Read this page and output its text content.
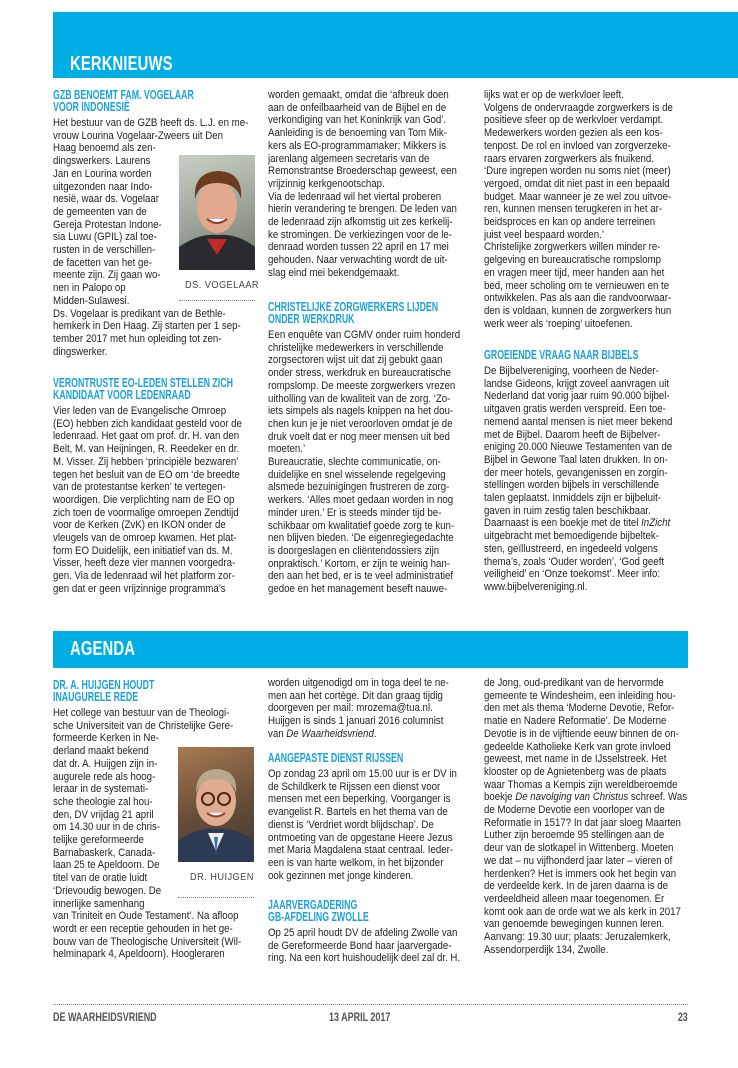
KERKNIEUWS
GZB BENOEMT FAM. VOGELAAR
VOOR INDONESIË
Het bestuur van de GZB heeft ds. L.J. en me-
vrouw Lourina Vogelaar-Zweers uit Den
Haag benoemd als zen-
dingswerkers. Laurens
Jan en Lourina worden
uitgezonden naar Indo-
nesië, waar ds. Vogelaar
de gemeenten van de
Gereja Protestan Indone-
sia Luwu (GPIL) zal toe-
rusten in de verschillen-
de facetten van het ge-
meente zijn. Zij gaan wo-
nen in Palopo op
Midden-Sulawesi.
Ds. Vogelaar is predikant van de Bethle-
hemkerk in Den Haag. Zij starten per 1 sep-
tember 2017 met hun opleiding tot zen-
dingswerker.
DS. VOGELAAR
VERONTRUSTE EO-LEDEN STELLEN ZICH
KANDIDAAT VOOR LEDENRAAD
Vier leden van de Evangelische Omroep
(EO) hebben zich kandidaat gesteld voor de
ledenraad. Het gaat om prof. dr. H. van den
Belt, M. van Heijningen, R. Reedeker en dr.
M. Visser. Zij hebben ‘principiële bezwaren’
tegen het besluit van de EO om ‘de breedte
van de protestantse kerken’ te vertegen-
woordigen. Die verplichting nam de EO op
zich toen de voormalige omroepen Zendtijd
voor de Kerken (ZvK) en IKON onder de
vleugels van de omroep kwamen. Het plat-
form EO Duidelijk, een initiatief van ds. M.
Visser, heeft deze vier mannen voorgedra-
gen. Via de ledenraad wil het platform zor-
gen dat er geen vrijzinnige programma’s
worden gemaakt, omdat die ‘afbreuk doen
aan de onfeilbaarheid van de Bijbel en de
verkondiging van het Koninkrijk van God’.
Aanleiding is de benoeming van Tom Mik-
kers als EO-programmamaker; Mikkers is
jarenlang algemeen secretaris van de
Remonstrantse Broederschap geweest, een
vrijzinnig kerkgenootschap.
Via de ledenraad wil het viertal proberen
hierin verandering te brengen. De leden van
de ledenraad zijn afkomstig uit zes kerkelij-
ke stromingen. De verkiezingen voor de le-
denraad worden tussen 22 april en 17 mei
gehouden. Naar verwachting wordt de uit-
slag eind mei bekendgemaakt.
CHRISTELIJKE ZORGWERKERS LIJDEN
ONDER WERKDRUK
Een enquête van CGMV onder ruim honderd
christelijke medewerkers in verschillende
zorgsectoren wijst uit dat zij gebukt gaan
onder stress, werkdruk en bureaucratische
rompslomp. De meeste zorgwerkers vrezen
uitholling van de kwaliteit van de zorg. ‘Zo-
iets simpels als nagels knippen na het dou-
chen kun je je niet veroorloven omdat je de
druk voelt dat er nog meer mensen uit bed
moeten.’
Bureaucratie, slechte communicatie, on-
duidelijke en snel wisselende regelgeving
alsmede bezuinigingen frustreren de zorg-
werkers. ‘Alles moet gedaan worden in nog
minder uren.’ Er is steeds minder tijd be-
schikbaar om kwalitatief goede zorg te kun-
nen blijven bieden. ‘De eigenregiegedachte
is doorgeslagen en cliëntendossiers zijn
onpraktisch.’ Kortom, er zijn te weinig han-
den aan het bed, er is te veel administratief
gedoe en het management beseft nauwe-
lijks wat er op de werkvloer leeft.
Volgens de ondervraagde zorgwerkers is de
positieve sfeer op de werkvloer verdampt.
Medewerkers worden gezien als een kos-
tenpost. De rol en invloed van zorgverzeke-
raars ervaren zorgwerkers als fnuikend.
‘Dure ingrepen worden nu soms niet (meer)
vergoed, omdat dit niet past in een bepaald
budget. Maar wanneer je ze wel zou uitvoe-
ren, kunnen mensen terugkeren in het ar-
beidsproces en kan op andere terreinen
juist veel bespaard worden.’
Christelijke zorgwerkers willen minder re-
gelgeving en bureaucratische rompslomp
en vragen meer tijd, meer handen aan het
bed, meer scholing om te vernieuwen en te
ontwikkelen. Pas als aan die randvoorwaar-
den is voldaan, kunnen de zorgwerkers hun
werk weer als ‘roeping’ uitoefenen.
GROEIENDE VRAAG NAAR BIJBELS
De Bijbelvereniging, voorheen de Neder-
landse Gideons, krijgt zoveel aanvragen uit
Nederland dat vorig jaar ruim 90.000 bijbel-
uitgaven gratis werden verspreid. Een toe-
nemend aantal mensen is niet meer bekend
met de Bijbel. Daarom heeft de Bijbelver-
eniging 20.000 Nieuwe Testamenten van de
Bijbel in Gewone Taal laten drukken. In on-
der meer hotels, gevangenissen en zorgin-
stellingen worden bijbels in verschillende
talen geplaatst. Inmiddels zijn er bijbeluit-
gaven in ruim zestig talen beschikbaar.
Daarnaast is een boekje met de titel InZicht
uitgebracht met bemoedigende bijbeltek-
sten, geïllustreerd, en ingedeeld volgens
thema’s, zoals ‘Ouder worden’, ‘God geeft
veiligheid’ en ‘Onze toekomst’. Meer info:
www.bijbelvereniging.nl.
AGENDA
DR. A. HUIJGEN HOUDT
INAUGURELE REDE
Het college van bestuur van de Theologi-
sche Universiteit van de Christelijke Gere-
formeerde Kerken in Ne-
derland maakt bekend
dat dr. A. Huijgen zijn in-
augurele rede als hoog-
leraar in de systemati-
sche theologie zal hou-
den, DV vrijdag 21 april
om 14.30 uur in de chris-
telijke gereformeerde
Barnabaskerk, Canada-
laan 25 te Apeldoorn. De
titel van de oratie luidt
‘Drievoudig bewogen. De
innerlijke samenhang
van Triniteit en Oude Testament’. Na afloop
wordt er een receptie gehouden in het ge-
bouw van de Theologische Universiteit (Wil-
helminapark 4, Apeldoorn). Hoogleraren
DR. HUIJGEN
worden uitgenodigd om in toga deel te ne-
men aan het cortège. Dit dan graag tijdig
doorgeven per mail: mrozema@tua.nl.
Huijgen is sinds 1 januari 2016 columnist
van De Waarheidsvriend.
AANGEPASTE DIENST RIJSSEN
Op zondag 23 april om 15.00 uur is er DV in
de Schildkerk te Rijssen een dienst voor
mensen met een beperking. Voorganger is
evangelist R. Bartels en het thema van de
dienst is ‘Verdriet wordt blijdschap’. De
ontmoeting van de opgestane Heere Jezus
met Maria Magdalena staat centraal. Ieder-
een is van harte welkom, in het bijzonder
ook gezinnen met jonge kinderen.
JAARVERGADERING
GB-AFDELING ZWOLLE
Op 25 april houdt DV de afdeling Zwolle van
de Gereformeerde Bond haar jaarvergade-
ring. Na een kort huishoudelijk deel zal dr. H.
de Jong, oud-predikant van de hervormde
gemeente te Windesheim, een inleiding hou-
den met als thema ‘Moderne Devotie, Refor-
matie en Nadere Reformatie’. De Moderne
Devotie is in de vijftiende eeuw binnen de on-
gedeelde Katholieke Kerk van grote invloed
geweest, met name in de IJsselstreek. Het
klooster op de Agnietenberg was de plaats
waar Thomas a Kempis zijn wereldberoemde
boekje De navolging van Christus schreef. Was
de Moderne Devotie een voorloper van de
Reformatie in 1517? In dat jaar sloeg Maarten
Luther zijn beroemde 95 stellingen aan de
deur van de slotkapel in Wittenberg. Moeten
we dat – nu vijfhonderd jaar later – vieren of
herdenken? Het is immers ook het begin van
de verdeelde kerk. In de jaren daarna is de
verdeeldheid alleen maar toegenomen. Er
komt ook aan de orde wat we als kerk in 2017
van genoemde bewegingen kunnen leren.
Aanvang: 19.30 uur; plaats: Jeruzalemkerk,
Assendorperdijk 134, Zwolle.
DE WAARHEIDSVRIEND	13 APRIL 2017	23
